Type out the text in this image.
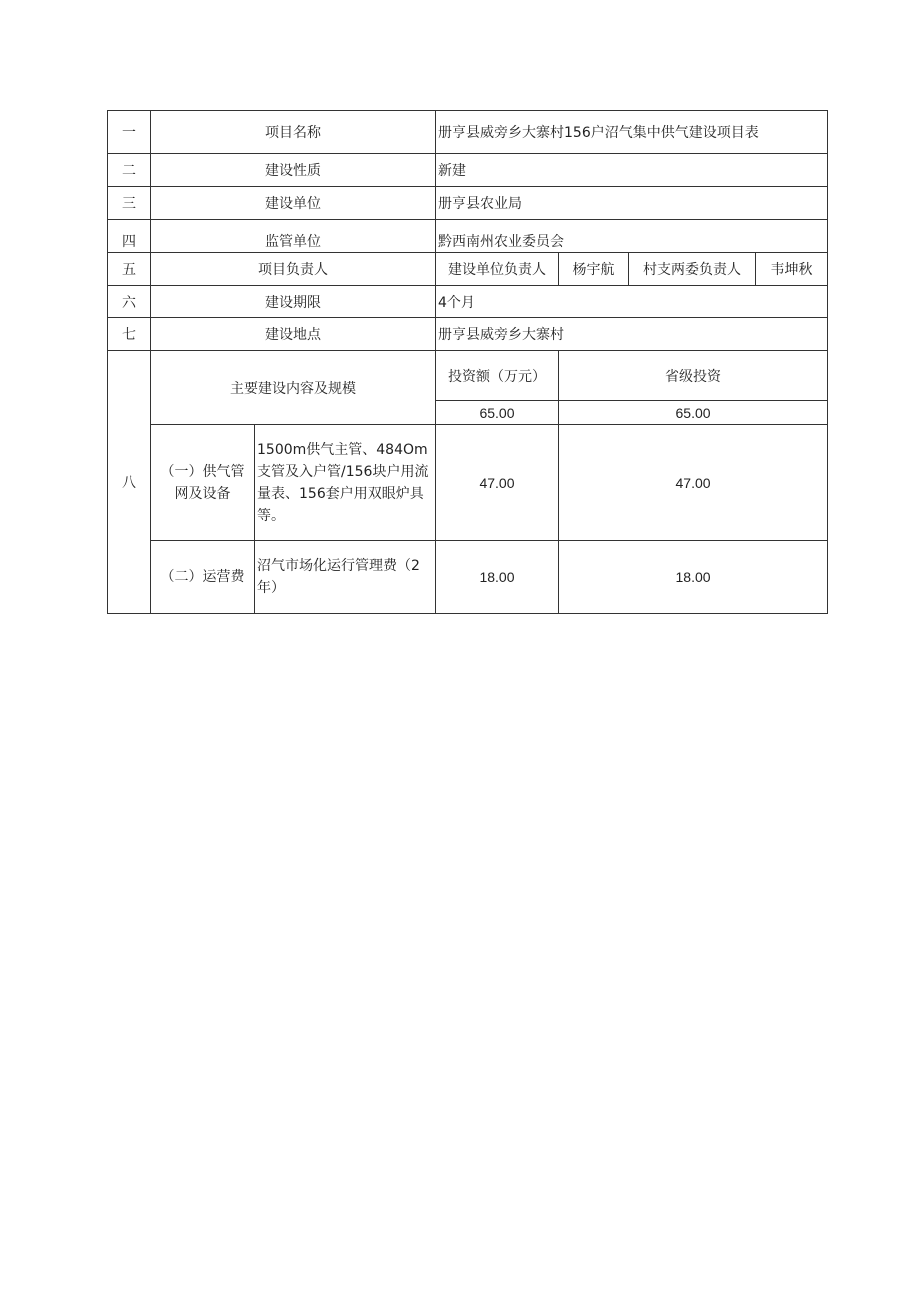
一	项目名称		册亨县威旁乡大寨村156户沼气集中供气建设项目表			
二	建设性质		新建			
三	建设单位		册亨县农业局			
四	监管单位		黔西南州农业委员会			
五	项目负责人		建设单位负责人	杨宇航	村支两委负责人	韦坤秋
六	建设期限		4个月			
七	建设地点		册亨县威旁乡大寨村			
八	主要建设内容及规模		投资额（万元）	省级投资		
			65.00	65.00		
	（一）供气管网及设备	1500m供气主管、484Om支管及入户管/156块户用流量表、156套户用双眼炉具等。	47.00	47.00		
	（二）运营费	沼气市场化运行管理费（2年）	18.00	18.00		
